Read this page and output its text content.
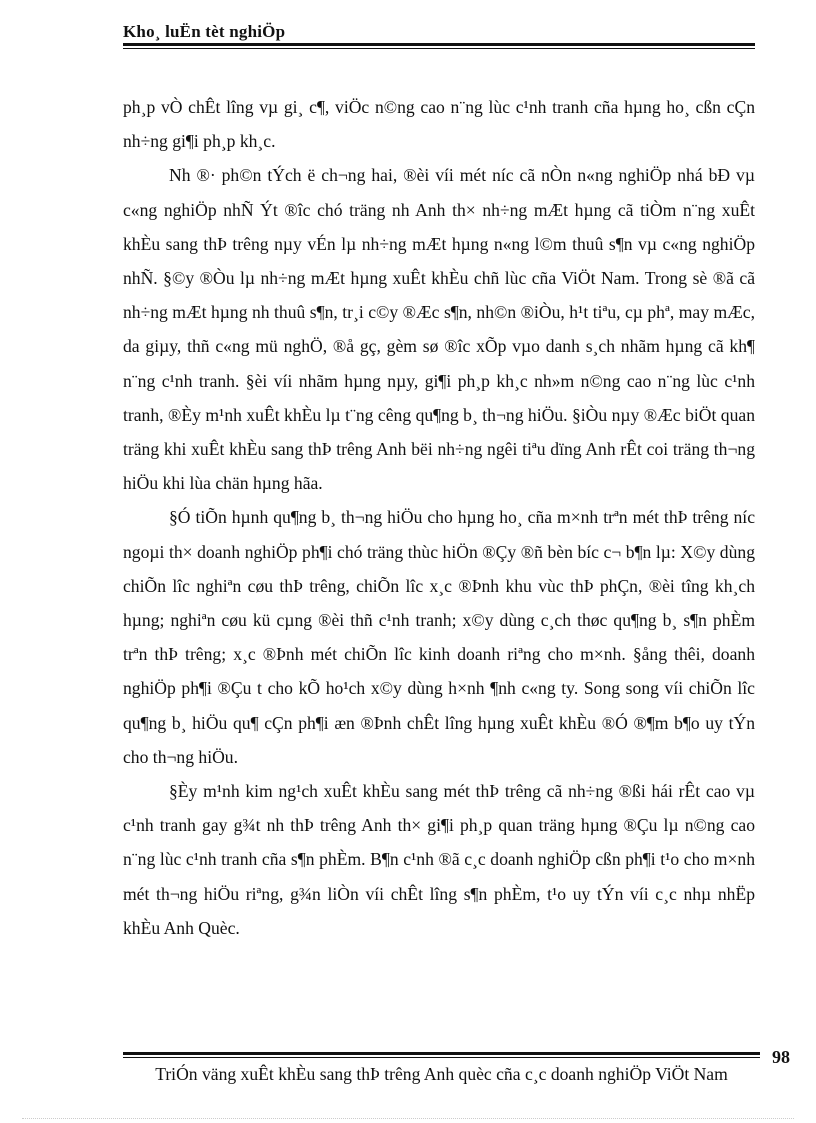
Kho¸ luËn tèt nghiÖp

ph¸p vÒ chÊt lîng vµ gi¸ c¶, viÖc n©ng cao n¨ng lùc c¹nh tranh cña hµng ho¸ cßn cÇn nh÷ng gi¶i ph¸p kh¸c.

Nh ®· ph©n tÝch ë ch¬ng hai, ®èi víi mét níc cã nÒn n«ng nghiÖp nhá bÐ vµ c«ng nghiÖp nhÑ Ýt ®îc chó träng nh Anh th× nh÷ng mÆt hµng cã tiÒm n¨ng xuÊt khÈu sang thÞ trêng nµy vÉn lµ nh÷ng mÆt hµng n«ng l©m thuû s¶n vµ c«ng nghiÖp nhÑ. §©y ®Òu lµ nh÷ng mÆt hµng xuÊt khÈu chñ lùc cña ViÖt Nam. Trong sè ®ã cã nh÷ng mÆt hµng nh thuû s¶n, tr¸i c©y ®Æc s¶n, nh©n ®iÒu, h¹t tiªu, cµ phª, may mÆc, da giµy, thñ c«ng mü nghÖ, ®å gç, gèm sø ®îc xÕp vµo danh s¸ch nhãm hµng cã kh¶ n¨ng c¹nh tranh. §èi víi nhãm hµng nµy, gi¶i ph¸p kh¸c nh»m n©ng cao n¨ng lùc c¹nh tranh, ®Èy m¹nh xuÊt khÈu lµ t¨ng cêng qu¶ng b¸ th¬ng hiÖu. §iÒu nµy ®Æc biÖt quan träng khi xuÊt khÈu sang thÞ trêng Anh bëi nh÷ng ngêi tiªu dïng Anh rÊt coi träng th¬ng hiÖu khi lùa chän hµng hãa.

§Ó tiÕn hµnh qu¶ng b¸ th¬ng hiÖu cho hµng ho¸ cña m×nh trªn mét thÞ trêng níc ngoµi th× doanh nghiÖp ph¶i chó träng thùc hiÖn ®Çy ®ñ bèn bíc c¬ b¶n lµ: X©y dùng chiÕn lîc nghiªn cøu thÞ trêng, chiÕn lîc x¸c ®Þnh khu vùc thÞ phÇn, ®èi tîng kh¸ch hµng; nghiªn cøu kü cµng ®èi thñ c¹nh tranh; x©y dùng c¸ch thøc qu¶ng b¸ s¶n phÈm trªn thÞ trêng; x¸c ®Þnh mét chiÕn lîc kinh doanh riªng cho m×nh. §ång thêi, doanh nghiÖp ph¶i ®Çu t cho kÕ ho¹ch x©y dùng h×nh ¶nh c«ng ty. Song song víi chiÕn lîc qu¶ng b¸ hiÖu qu¶ cÇn ph¶i æn ®Þnh chÊt lîng hµng xuÊt khÈu ®Ó ®¶m b¶o uy tÝn cho th¬ng hiÖu.

§Èy m¹nh kim ng¹ch xuÊt khÈu sang mét thÞ trêng cã nh÷ng ®ßi hái rÊt cao vµ c¹nh tranh gay g¾t nh thÞ trêng Anh th× gi¶i ph¸p quan träng hµng ®Çu lµ n©ng cao n¨ng lùc c¹nh tranh cña s¶n phÈm. B¶n c¹nh ®ã c¸c doanh nghiÖp cßn ph¶i t¹o cho m×nh mét th¬ng hiÖu riªng, g¾n liÒn víi chÊt lîng s¶n phÈm, t¹o uy tÝn víi c¸c nhµ nhËp khÈu Anh Quèc.

98
TriÓn väng xuÊt khÈu sang thÞ trêng Anh quèc cña c¸c doanh nghiÖp ViÖt Nam
